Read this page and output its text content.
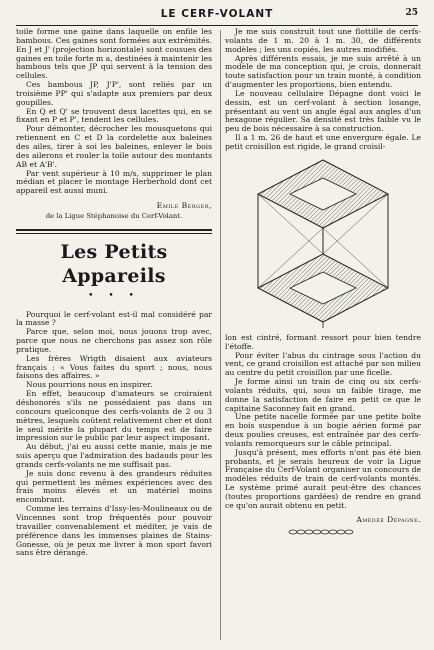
LE CERF-VOLANT	25

toile forme une gaine dans laquelle on enfile les bambous. Ces gaines sont formées aux extrémités. En J et J' (projection horizontale) sont cousues des gaines en toile forte m a, destinées à maintenir les bambous tels que JP qui servent à la tension des cellules.

Ces bambous JP, J'P', sont reliés par un troisième PP' qui s'adapte aux premiers par deux goupilles.

En Q et Q' se trouvent deux lacettes qui, en se fixant en P et P', tendent les cellules.

Pour démonter, décrocher les mousquetons qui retiennent en C et D la cordelette aux baleines des ailes, tirer à soi les baleines, enlever le bois des ailerons et rouler la toile autour des montants AB et A'B'.

Par vent supérieur à 10 m/s, supprimer le plan médian et placer le montage Herberhold dont cet appareil est aussi muni.

Emile Berger,
de la Ligue Stéphanoise du Cerf-Volant.
Les Petits Appareils
• • •

Pourquoi le cerf-volant est-il mal considéré par la masse ?

Parce que, selon moi, nous jouons trop avec, parce que nous ne cherchons pas assez son rôle pratique.

Les frères Wrigth disaient aux aviateurs français : « Vous faites du sport ; nous, nous faisons des affaires. »

Nous pourrions nous en inspirer.

En effet, beaucoup d'amateurs se croiraient déshonorés s'ils ne possédaient pas dans un concours quelconque des cerfs-volants de 2 ou 3 mètres, lesquels coûtent relativement cher et dont le seul mérite la plupart du temps est de faire impression sur le public par leur aspect imposant.

Au début, j'ai eu aussi cette manie, mais je me suis aperçu que l'admiration des badauds pour les grands cerfs-volants ne me suffisait pas.

Je suis donc revenu à des grandeurs réduites qui permettent les mêmes expériences avec des frais moins élevés et un matériel moins encombrant.

Comme les terrains d'Issy-les-Moulineaux ou de Vincennes sont trop fréquentés pour pouvoir travailler convenablement et méditer, je vais de préférence dans les immenses plaines de Stains-Gonesse, où je peux me livrer à mon sport favori sans être dérangé.

Je me suis construit tout une flottille de cerfs-volants de 1 m. 20 à 1 m. 30, de différents modèles ; les uns copiés, les autres modifiés.

Après différents essais, je me suis arrêté à un modèle de ma conception qui, je crois, donnerait toute satisfaction pour un train monté, à condition d'augmenter les proportions, bien entendu.

Le nouveau cellulaire Dépagne dont voici le dessin, est un cerf-volant à section losange, présentant au vent un angle égal aux angles d'un hexagone régulier. Sa densité est très faible vu le peu de bois nécessaire à sa construction.

Il a 1 m. 26 de haut et une envergure égale. Le petit croisillon est rigide, le grand croisil-

lon est cintré, formant ressort pour bien tendre l'étoffe.

Pour éviter l'abus du cintrage sous l'action du vent, ce grand croisillon est attaché par son milieu au centre du petit croisillon par une ficelle.

Je forme ainsi un train de cinq ou six cerfs-volants réduits, qui, sous un faible tirage, me donne la satisfaction de faire en petit ce que le capitaine Saconney fait en grand.

Une petite nacelle formée par une petite boîte en bois suspendue à un bogie aérien formé par deux poulies creuses, est entraînée par des cerfs-volants remorqueurs sur le câble principal.

Jusqu'à présent, mes efforts n'ont pas été bien probants, et je serais heureux de voir la Ligue Française du Cerf-Volant organiser un concours de modèles réduits de train de cerf-volants montés. Le système primé aurait peut-être des chances (toutes proportions gardées) de rendre en grand ce qu'on aurait obtenu en petit.

Amédée Dépagne.
